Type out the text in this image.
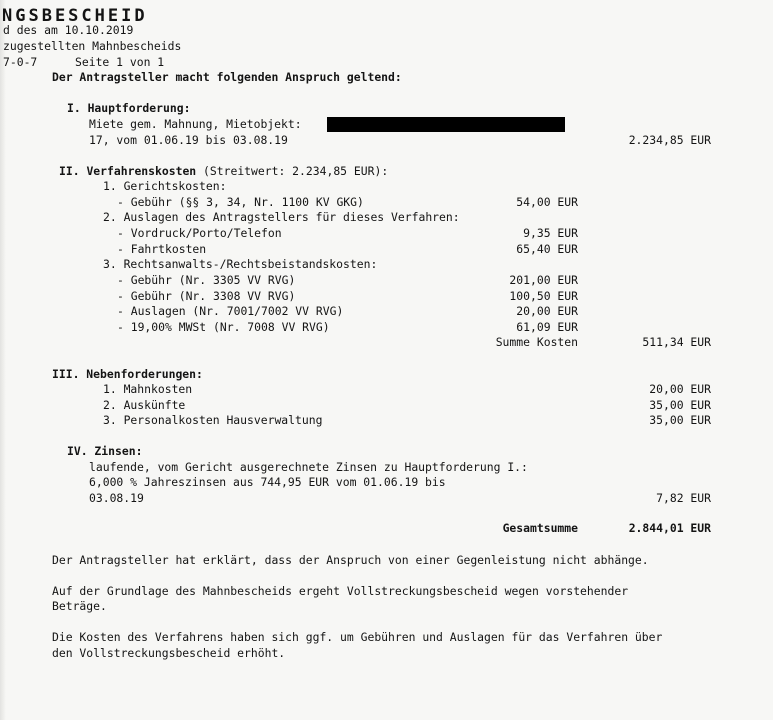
NGSBESCHEID
d des am 10.10.2019
zugestellten Mahnbescheids
7-0-7	Seite 1 von 1
Der Antragsteller macht folgenden Anspruch geltend:
I. Hauptforderung:
Miete gem. Mahnung, Mietobjekt:
17, vom 01.06.19 bis 03.08.19	2.234,85 EUR
II. Verfahrenskosten (Streitwert: 2.234,85 EUR):
1. Gerichtskosten:
- Gebühr (§§ 3, 34, Nr. 1100 KV GKG)	54,00 EUR
2. Auslagen des Antragstellers für dieses Verfahren:
- Vordruck/Porto/Telefon	9,35 EUR
- Fahrtkosten	65,40 EUR
3. Rechtsanwalts-/Rechtsbeistandskosten:
- Gebühr (Nr. 3305 VV RVG)	201,00 EUR
- Gebühr (Nr. 3308 VV RVG)	100,50 EUR
- Auslagen (Nr. 7001/7002 VV RVG)	20,00 EUR
- 19,00% MWSt (Nr. 7008 VV RVG)	61,09 EUR
Summe Kosten	511,34 EUR
III. Nebenforderungen:
1. Mahnkosten	20,00 EUR
2. Auskünfte	35,00 EUR
3. Personalkosten Hausverwaltung	35,00 EUR
IV. Zinsen:
laufende, vom Gericht ausgerechnete Zinsen zu Hauptforderung I.:
6,000 % Jahreszinsen aus 744,95 EUR vom 01.06.19 bis
03.08.19	7,82 EUR
Gesamtsumme	2.844,01 EUR
Der Antragsteller hat erklärt, dass der Anspruch von einer Gegenleistung nicht abhänge.
Auf der Grundlage des Mahnbescheids ergeht Vollstreckungsbescheid wegen vorstehender
Beträge.
Die Kosten des Verfahrens haben sich ggf. um Gebühren und Auslagen für das Verfahren über
den Vollstreckungsbescheid erhöht.
